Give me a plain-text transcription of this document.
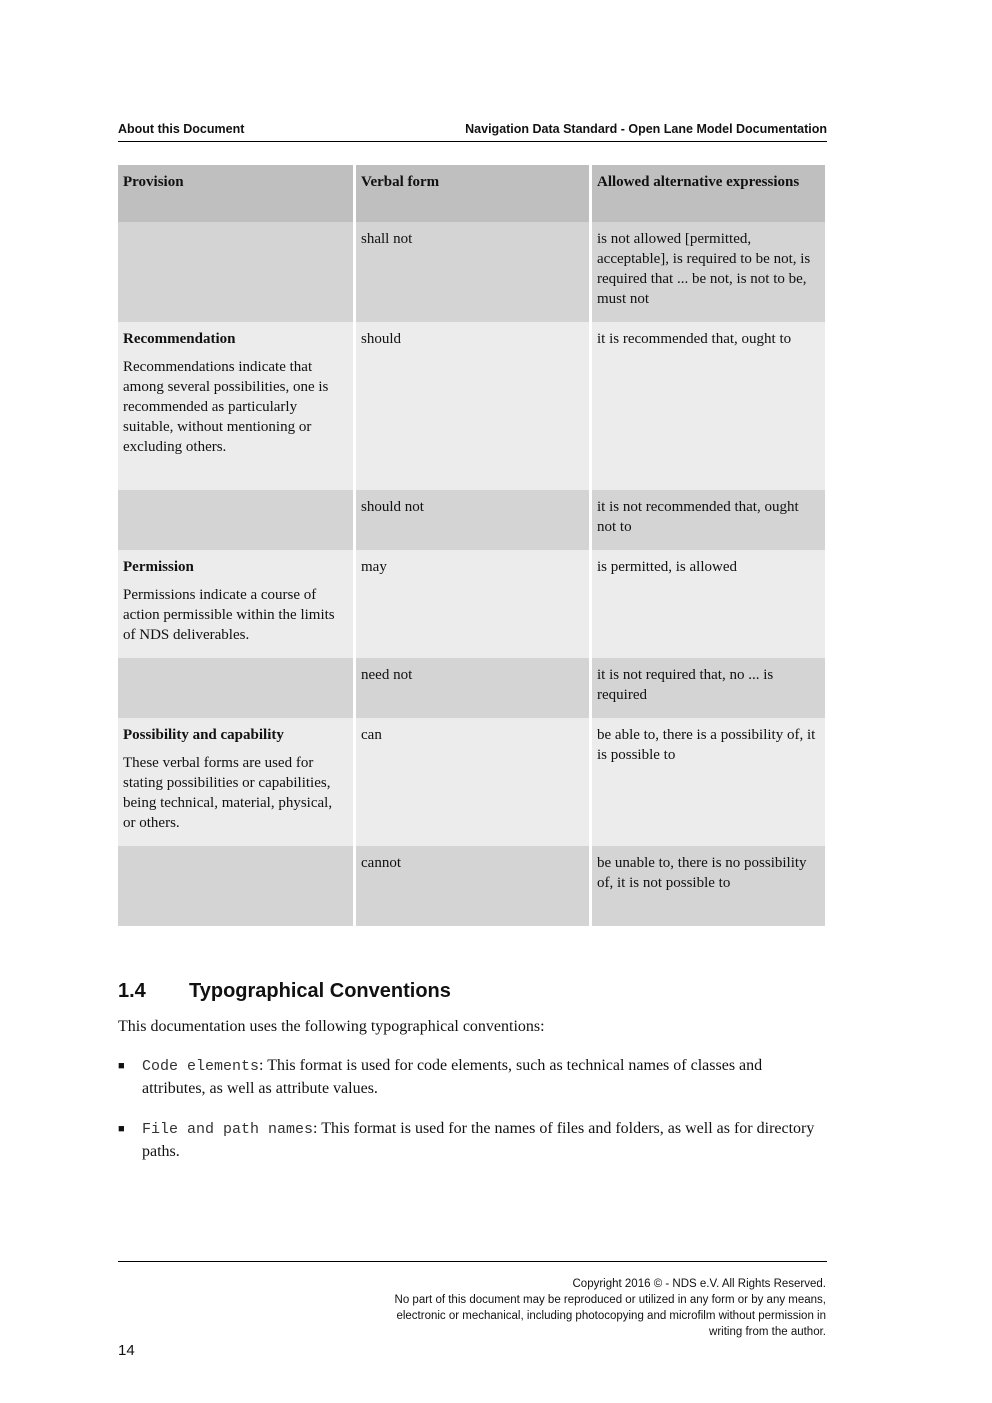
About this Document	Navigation Data Standard - Open Lane Model Documentation
Provision	Verbal form	Allowed alternative expressions
	shall not	is not allowed [permitted, acceptable], is required to be not, is required that ... be not, is not to be, must not

Recommendation
Recommendations indicate that among several possibilities, one is recommended as particularly suitable, without mentioning or excluding others.	should	it is recommended that, ought to
	should not	it is not recommended that, ought not to

Permission
Permissions indicate a course of action permissible within the limits of NDS deliverables.	may	is permitted, is allowed
	need not	it is not required that, no ... is required

Possibility and capability
These verbal forms are used for stating possibilities or capabilities, being technical, material, physical, or others.	can	be able to, there is a possibility of, it is possible to
	cannot	be unable to, there is no possibility of, it is not possible to
1.4 Typographical Conventions
This documentation uses the following typographical conventions:
■ Code elements: This format is used for code elements, such as technical names of classes and attributes, as well as attribute values.
■ File and path names: This format is used for the names of files and folders, as well as for directory paths.
Copyright 2016 © - NDS e.V. All Rights Reserved.
No part of this document may be reproduced or utilized in any form or by any means,
electronic or mechanical, including photocopying and microfilm without permission in
writing from the author.
14
